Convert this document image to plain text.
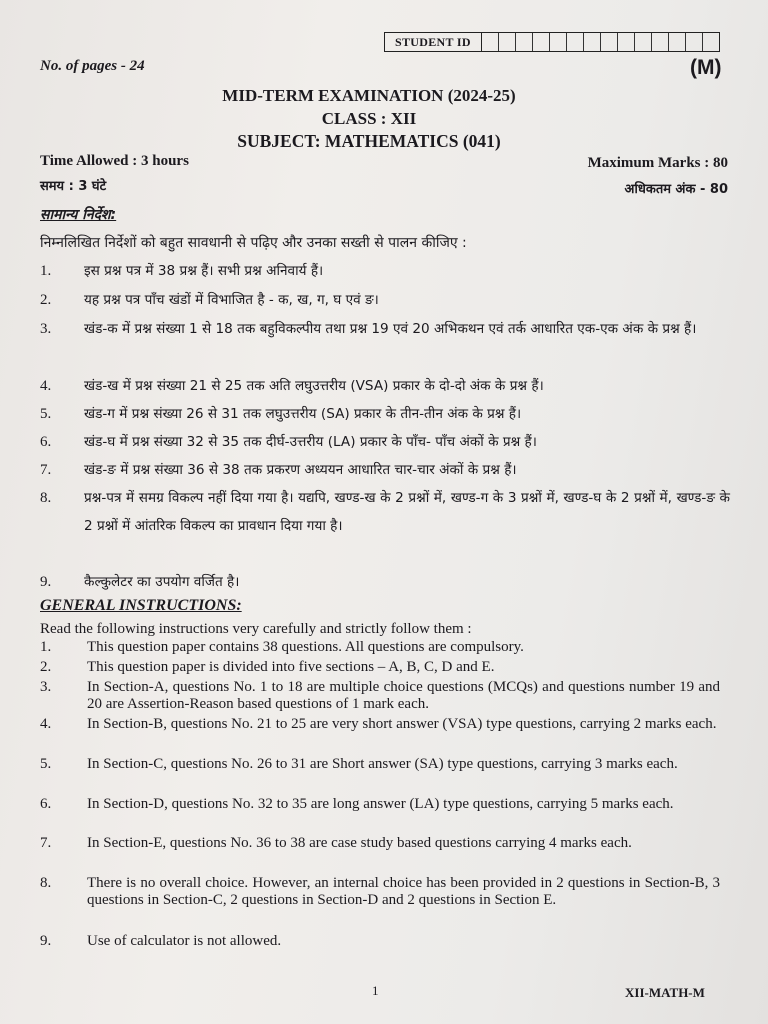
STUDENT ID
No. of pages - 24	(M)
MID-TERM EXAMINATION (2024-25)
CLASS : XII
SUBJECT: MATHEMATICS (041)
Time Allowed : 3 hours	Maximum Marks : 80
समय : 3 घंटे	अधिकतम अंक - 80
सामान्य निर्देश:
निम्नलिखित निर्देशों को बहुत सावधानी से पढ़िए और उनका सख्ती से पालन कीजिए :
1. इस प्रश्न पत्र में 38 प्रश्न हैं। सभी प्रश्न अनिवार्य हैं।
2. यह प्रश्न पत्र पाँच खंडों में विभाजित है - क, ख, ग, घ एवं ङ।
3. खंड-क में प्रश्न संख्या 1 से 18 तक बहुविकल्पीय तथा प्रश्न 19 एवं 20 अभिकथन एवं तर्क आधारित एक-एक अंक के प्रश्न हैं।
4. खंड-ख में प्रश्न संख्या 21 से 25 तक अति लघुउत्तरीय (VSA) प्रकार के दो-दो अंक के प्रश्न हैं।
5. खंड-ग में प्रश्न संख्या 26 से 31 तक लघुउत्तरीय (SA) प्रकार के तीन-तीन अंक के प्रश्न हैं।
6. खंड-घ में प्रश्न संख्या 32 से 35 तक दीर्घ-उत्तरीय (LA) प्रकार के पाँच- पाँच अंकों के प्रश्न हैं।
7. खंड-ङ में प्रश्न संख्या 36 से 38 तक प्रकरण अध्ययन आधारित चार-चार अंकों के प्रश्न हैं।
8. प्रश्न-पत्र में समग्र विकल्प नहीं दिया गया है। यद्यपि, खण्ड-ख के 2 प्रश्नों में, खण्ड-ग के 3 प्रश्नों में, खण्ड-घ के 2 प्रश्नों में, खण्ड-ङ के 2 प्रश्नों में आंतरिक विकल्प का प्रावधान दिया गया है।
9. कैल्कुलेटर का उपयोग वर्जित है।
GENERAL INSTRUCTIONS:
Read the following instructions very carefully and strictly follow them :
1. This question paper contains 38 questions. All questions are compulsory.
2. This question paper is divided into five sections – A, B, C, D and E.
3. In Section-A, questions No. 1 to 18 are multiple choice questions (MCQs) and questions number 19 and 20 are Assertion-Reason based questions of 1 mark each.
4. In Section-B, questions No. 21 to 25 are very short answer (VSA) type questions, carrying 2 marks each.
5. In Section-C, questions No. 26 to 31 are Short answer (SA) type questions, carrying 3 marks each.
6. In Section-D, questions No. 32 to 35 are long answer (LA) type questions, carrying 5 marks each.
7. In Section-E, questions No. 36 to 38 are case study based questions carrying 4 marks each.
8. There is no overall choice. However, an internal choice has been provided in 2 questions in Section-B, 3 questions in Section-C, 2 questions in Section-D and 2 questions in Section E.
9. Use of calculator is not allowed.
1	XII-MATH-M
